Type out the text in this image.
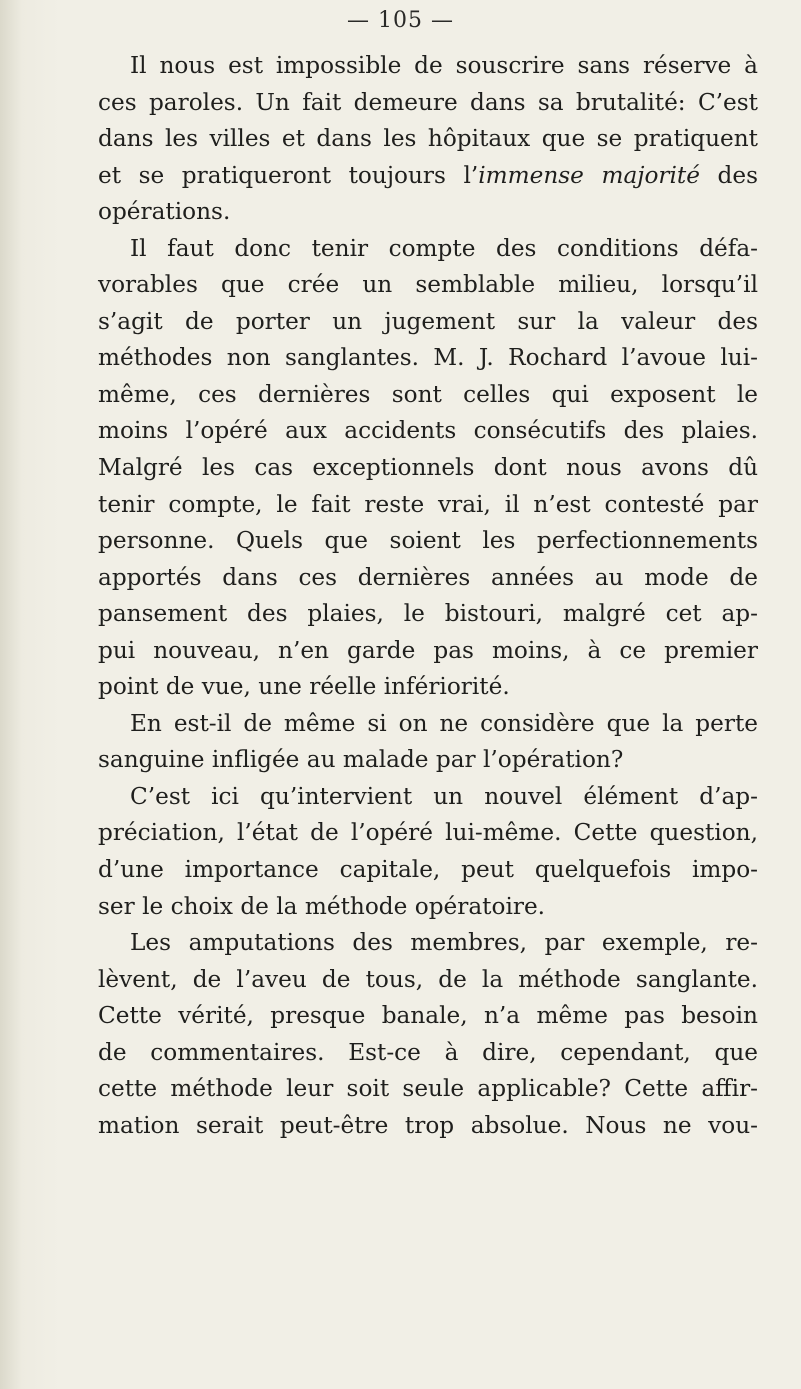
— 105 —
Il nous est impossible de souscrire sans réserve à
ces paroles. Un fait demeure dans sa brutalité: C’est
dans les villes et dans les hôpitaux que se pratiquent
et se pratiqueront toujours l’immense majorité des
opérations.
Il faut donc tenir compte des conditions défa-
vorables que crée un semblable milieu, lorsqu’il
s’agit de porter un jugement sur la valeur des
méthodes non sanglantes. M. J. Rochard l’avoue lui-
même, ces dernières sont celles qui exposent le
moins l’opéré aux accidents consécutifs des plaies.
Malgré les cas exceptionnels dont nous avons dû
tenir compte, le fait reste vrai, il n’est contesté par
personne. Quels que soient les perfectionnements
apportés dans ces dernières années au mode de
pansement des plaies, le bistouri, malgré cet ap-
pui nouveau, n’en garde pas moins, à ce premier
point de vue, une réelle infériorité.
En est-il de même si on ne considère que la perte
sanguine infligée au malade par l’opération?
C’est ici qu’intervient un nouvel élément d’ap-
préciation, l’état de l’opéré lui-même. Cette question,
d’une importance capitale, peut quelquefois impo-
ser le choix de la méthode opératoire.
Les amputations des membres, par exemple, re-
lèvent, de l’aveu de tous, de la méthode sanglante.
Cette vérité, presque banale, n’a même pas besoin
de commentaires. Est-ce à dire, cependant, que
cette méthode leur soit seule applicable? Cette affir-
mation serait peut-être trop absolue. Nous ne vou-
